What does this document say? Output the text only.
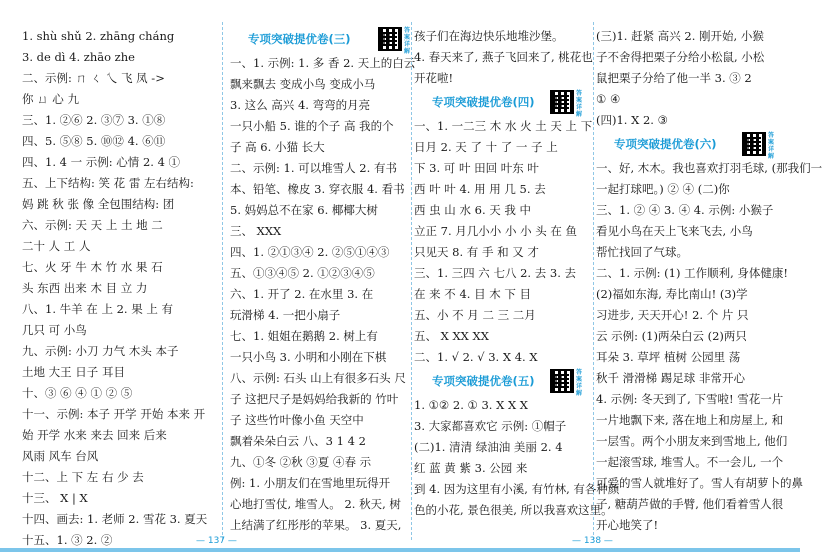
1. shù shǔ 2. zhāng cháng
3. de dì 4. zhāo zhe
二、示例: ㄇ ㄑ 乀 飞 凤 ->
你 ㄩ 心 九
三、1. ②⑥ 2. ③⑦ 3. ①⑧
四、5. ⑤⑧ 5. ⑩⑫ 4. ⑥⑪
四、1. 4 一 示例: 心情 2. 4 ①
五、上下结构: 笑 花 雷 左右结构:
妈 跳 秋 张 像 全包围结构: 团
六、示例: 天 天 上 土 地 二
二十 人 工 人
七、火 牙 牛 木 竹 水 果 石
头 东西 出来 木 目 立 力
八、1. 牛羊 在 上 2. 果 上 有
几只 可 小鸟
九、示例: 小刀 力气 木头 本子
土地 大王 日子 耳目
十、③ ⑥ ④ ① ② ⑤
十一、示例: 本子 开学 开始 本来 开
始 开学 水来 来去 回来 后来
风雨 风车 台风
十二、上 下 左 右 少 去
十三、 X | X
十四、画去: 1. 老师 2. 雪花 3. 夏天
十五、1. ③ 2. ②
专项突破提优卷(三)
答案详解
一、1. 示例: 1. 多 香 2. 天上的白云
飘来飘去 变成小鸟 变成小马
3. 这么 高兴 4. 弯弯的月亮
一只小船 5. 谁的个子 高 我的个
子 高 6. 小猫 长大
二、示例: 1. 可以堆雪人 2. 有书
本、铅笔、橡皮 3. 穿衣服 4. 看书
5. 妈妈总不在家 6. 椰椰大树
三、 XXX
四、1. ②①③④ 2. ②⑤①④③
五、①③④⑤ 2. ①②③④⑤
六、1. 开了 2. 在水里 3. 在
玩滑梯 4. 一把小扇子
七、1. 姐姐在鹅鹅 2. 树上有
一只小鸟 3. 小明和小刚在下棋
八、示例: 石头 山上有很多石头 尺
子 这把尺子是妈妈给我新的 竹叶
子 这些竹叶像小鱼 天空中
飘着朵朵白云 八、3 1 4 2
九、①冬 ②秋 ③夏 ④春 示
例: 1. 小朋友们在雪地里玩得开
心地打雪仗, 堆雪人。 2. 秋天, 树
上结满了红彤彤的苹果。 3. 夏天,
孩子们在海边快乐地堆沙堡。
4. 春天来了, 燕子飞回来了, 桃花也
开花啦!
专项突破提优卷(四)
答案详解
一、1. 一二三 木 水 火 土 天 上 下
日月 2. 天 了 十 了 一 子 上
下 3. 可 叶 田回 叶东 叶
西 叶 叶 4. 用 用 几 5. 去
西 虫 山 水 6. 天 我 中
立正 7. 月几小小 小 小 头 在 鱼
只见天 8. 有 手 和 又 才
三、1. 三四 六 七八 2. 去 3. 去
在 来 不 4. 目 木 下 目
五、小 不 月 二 三 二月
五、 X XX XX
二、1. √ 2. √ 3. X 4. X
专项突破提优卷(五)
答案详解
1. ①② 2. ① 3. X X X
3. 大家都喜欢它 示例: ①帽子
(二)1. 清清 绿油油 美丽 2. 4
红 蓝 黄 紫 3. 公园 来
到 4. 因为这里有小溪, 有竹林, 有各种颜
色的小花, 景色很美, 所以我喜欢这里。
(三)1. 赶紧 高兴 2. 刚开始, 小猴
子不舍得把栗子分给小松鼠, 小松
鼠把栗子分给了他一半 3. ③ 2
① ④
(四)1. X 2. ③
专项突破提优卷(六)
答案详解
一、好, 木木。我也喜欢打羽毛球, (那我们一
一起打球吧。) ② ④ (二)你
三、1. ② ④ 3. ④ 4. 示例: 小猴子
看见小鸟在天上飞来飞去, 小鸟
帮忙找回了气球。
二、1. 示例: (1) 工作顺利, 身体健康!
(2)福如东海, 寿比南山! (3)学
习进步, 天天开心! 2. 个 片 只
云 示例: (1)两朵白云 (2)两只
耳朵 3. 草坪 植树 公园里 荡
秋千 滑滑梯 踢足球 非常开心
4. 示例: 冬天到了, 下雪啦! 雪花一片
一片地飘下来, 落在地上和房屋上, 和
一层雪。两个小朋友来到雪地上, 他们
一起滚雪球, 堆雪人。不一会儿, 一个
可爱的雪人就堆好了。雪人有胡萝卜的鼻
子, 糖葫芦做的手臂, 他们看着雪人很
开心地笑了!
— 137 —	— 138 —
